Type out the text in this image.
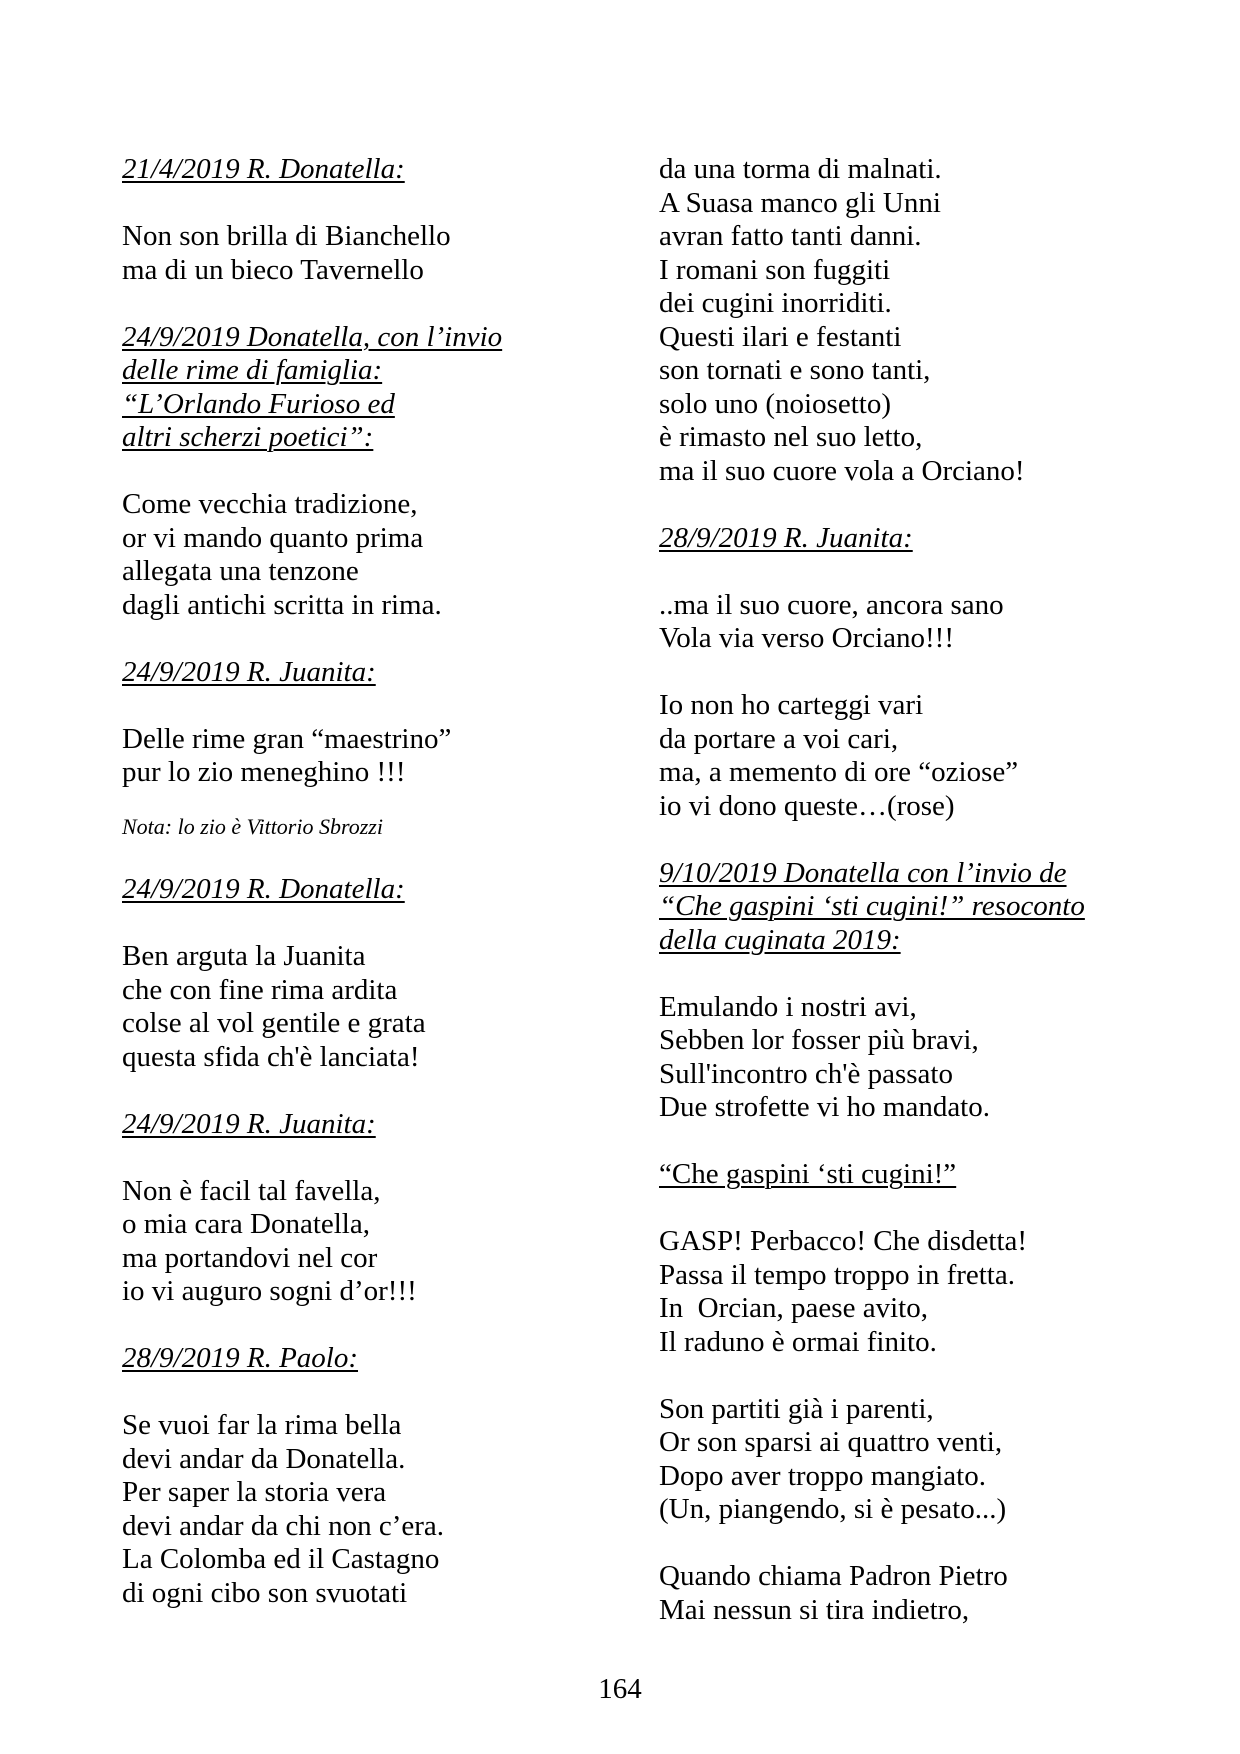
21/4/2019 R. Donatella:
Non son brilla di Bianchello
ma di un bieco Tavernello
24/9/2019 Donatella, con l’invio
delle rime di famiglia:
“L’Orlando Furioso ed
altri scherzi poetici”:
Come vecchia tradizione,
or vi mando quanto prima
allegata una tenzone
dagli antichi scritta in rima.
24/9/2019 R. Juanita:
Delle rime gran “maestrino”
pur lo zio meneghino !!!
Nota: lo zio è Vittorio Sbrozzi
24/9/2019 R. Donatella:
Ben arguta la Juanita
che con fine rima ardita
colse al vol gentile e grata
questa sfida ch'è lanciata!
24/9/2019 R. Juanita:
Non è facil tal favella,
o mia cara Donatella,
ma portandovi nel cor
io vi auguro sogni d’or!!!
28/9/2019 R. Paolo:
Se vuoi far la rima bella
devi andar da Donatella.
Per saper la storia vera
devi andar da chi non c’era.
La Colomba ed il Castagno
di ogni cibo son svuotati
da una torma di malnati.
A Suasa manco gli Unni
avran fatto tanti danni.
I romani son fuggiti
dei cugini inorriditi.
Questi ilari e festanti
son tornati e sono tanti,
solo uno (noiosetto)
è rimasto nel suo letto,
ma il suo cuore vola a Orciano!
28/9/2019 R. Juanita:
..ma il suo cuore, ancora sano
Vola via verso Orciano!!!
Io non ho carteggi vari
da portare a voi cari,
ma, a memento di ore “oziose”
io vi dono queste…(rose)
9/10/2019 Donatella con l’invio de
“Che gaspini ‘sti cugini!” resoconto
della cuginata 2019:
Emulando i nostri avi,
Sebben lor fosser più bravi,
Sull'incontro ch'è passato
Due strofette vi ho mandato.
“Che gaspini ‘sti cugini!”
GASP! Perbacco! Che disdetta!
Passa il tempo troppo in fretta.
In  Orcian, paese avito,
Il raduno è ormai finito.
Son partiti già i parenti,
Or son sparsi ai quattro venti,
Dopo aver troppo mangiato.
(Un, piangendo, si è pesato...)
Quando chiama Padron Pietro
Mai nessun si tira indietro,
164
